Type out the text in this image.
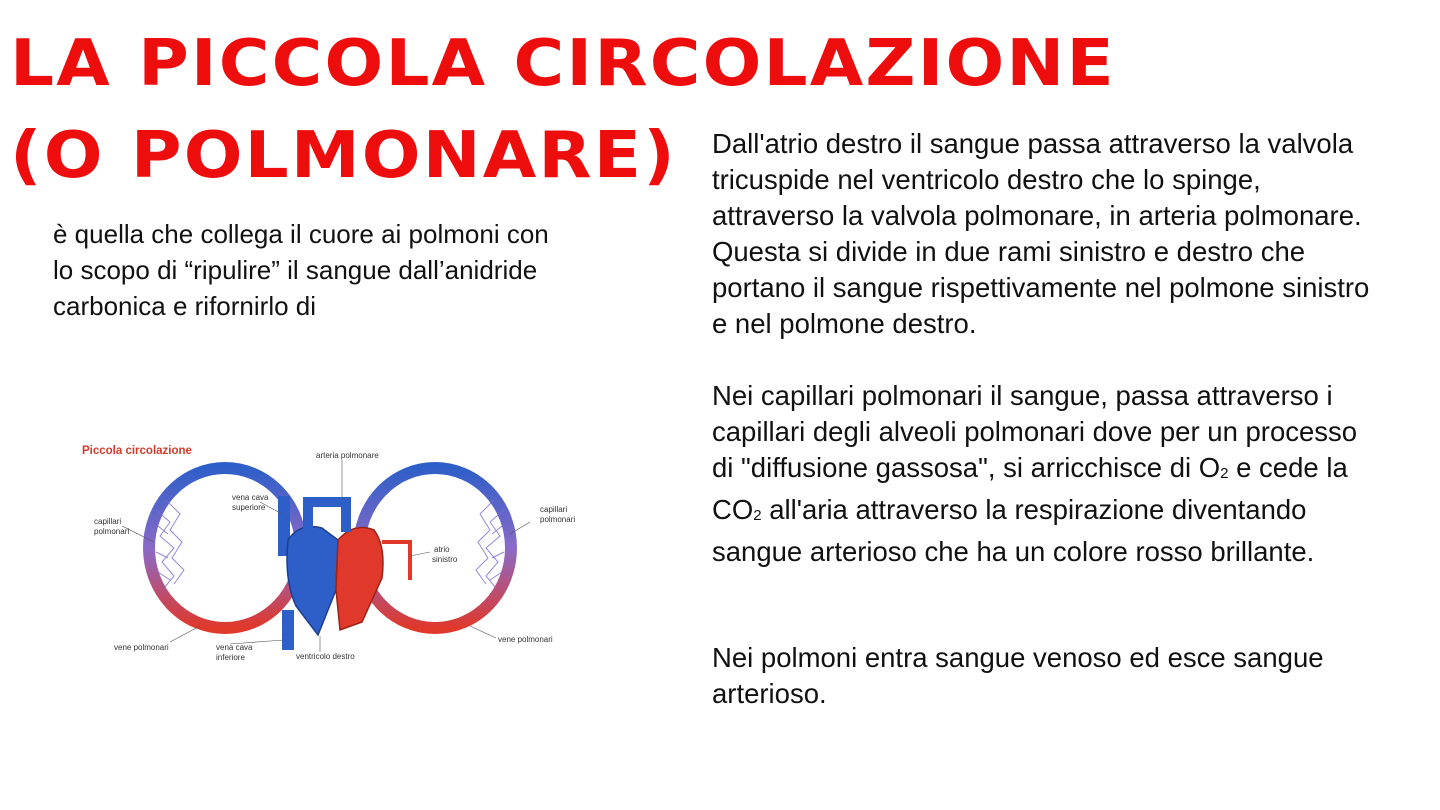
LA PICCOLA CIRCOLAZIONE (O POLMONARE)

è quella che collega il cuore ai polmoni con lo scopo di “ripulire” il sangue dall’anidride carbonica e rifornirlo di

Dall'atrio destro il sangue passa attraverso la valvola tricuspide nel ventricolo destro che lo spinge, attraverso la valvola polmonare, in arteria polmonare. Questa si divide in due rami sinistro e destro che portano il sangue rispettivamente nel polmone sinistro e nel polmone destro.

Nei capillari polmonari il sangue, passa attraverso i capillari degli alveoli polmonari dove per un processo di "diffusione gassosa", si arricchisce di O2 e cede la CO2 all'aria attraverso la respirazione diventando sangue arterioso che ha un colore rosso brillante.

Nei polmoni entra sangue venoso ed esce sangue arterioso.

Piccola circolazione	arteria polmonare
vena cava
superiore
capillari
polmonari
capillari
polmonari
atrio
sinistro
vene polmonari	vena cava
inferiore	ventricolo destro
vene polmonari
